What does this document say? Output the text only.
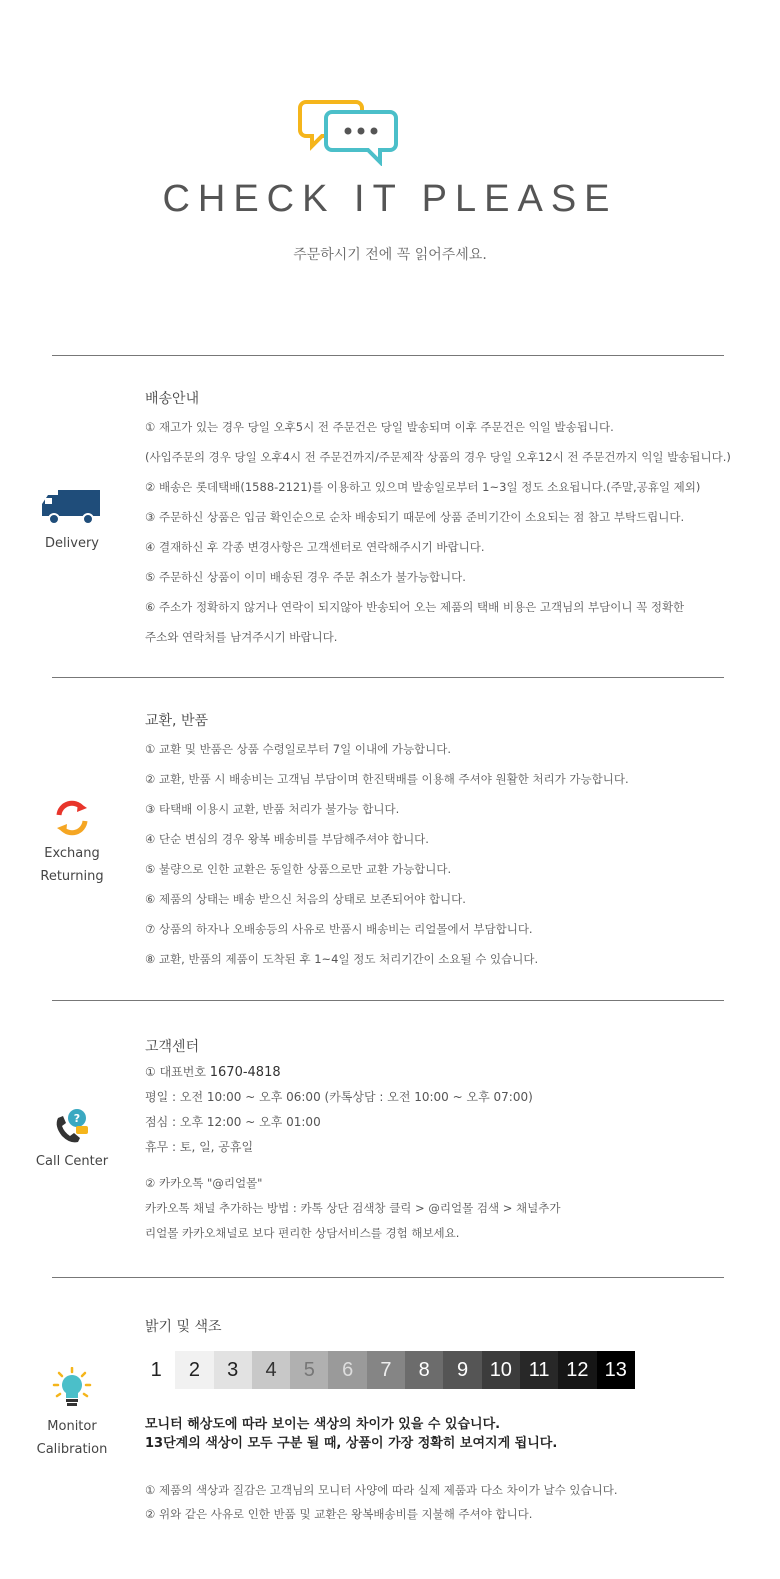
CHECK IT PLEASE
주문하시기 전에 꼭 읽어주세요.
Delivery
배송안내
① 재고가 있는 경우 당일 오후5시 전 주문건은 당일 발송되며 이후 주문건은 익일 발송됩니다.
(사입주문의 경우 당일 오후4시 전 주문건까지/주문제작 상품의 경우 당일 오후12시 전 주문건까지 익일 발송됩니다.)
② 배송은 롯데택배(1588-2121)를 이용하고 있으며 발송일로부터 1~3일 정도 소요됩니다.(주말,공휴일 제외)
③ 주문하신 상품은 입금 확인순으로 순차 배송되기 때문에 상품 준비기간이 소요되는 점 참고 부탁드립니다.
④ 결재하신 후 각종 변경사항은 고객센터로 연락해주시기 바랍니다.
⑤ 주문하신 상품이 이미 배송된 경우 주문 취소가 불가능합니다.
⑥ 주소가 정확하지 않거나 연락이 되지않아 반송되어 오는 제품의 택배 비용은 고객님의 부담이니 꼭 정확한
주소와 연락처를 남겨주시기 바랍니다.
Exchang
Returning
교환, 반품
① 교환 및 반품은 상품 수령일로부터 7일 이내에 가능합니다.
② 교환, 반품 시 배송비는 고객님 부담이며 한진택배를 이용해 주셔야 원활한 처리가 가능합니다.
③ 타택배 이용시 교환, 반품 처리가 불가능 합니다.
④ 단순 변심의 경우 왕복 배송비를 부담해주셔야 합니다.
⑤ 불량으로 인한 교환은 동일한 상품으로만 교환 가능합니다.
⑥ 제품의 상태는 배송 받으신 처음의 상태로 보존되어야 합니다.
⑦ 상품의 하자나 오배송등의 사유로 반품시 배송비는 리얼몰에서 부담합니다.
⑧ 교환, 반품의 제품이 도착된 후 1~4일 정도 처리기간이 소요될 수 있습니다.
?
Call Center
고객센터
① 대표번호 1670-4818
평일 : 오전 10:00 ~ 오후 06:00 (카톡상담 : 오전 10:00 ~ 오후 07:00)
점심 : 오후 12:00 ~ 오후 01:00
휴무 : 토, 일, 공휴일
② 카카오톡 "@리얼몰"
카카오톡 채널 추가하는 방법 : 카톡 상단 검색창 클릭 > @리얼몰 검색 > 채널추가
리얼몰 카카오채널로 보다 편리한 상담서비스를 경험 해보세요.
Monitor
Calibration
밝기 및 색조
1	2	3	4	5	6	7	8	9	10 11 12 13
모니터 해상도에 따라 보이는 색상의 차이가 있을 수 있습니다.
13단계의 색상이 모두 구분 될 때, 상품이 가장 정확히 보여지게 됩니다.
① 제품의 색상과 질감은 고객님의 모니터 사양에 따라 실제 제품과 다소 차이가 날수 있습니다.
② 위와 같은 사유로 인한 반품 및 교환은 왕복배송비를 지불해 주셔야 합니다.
